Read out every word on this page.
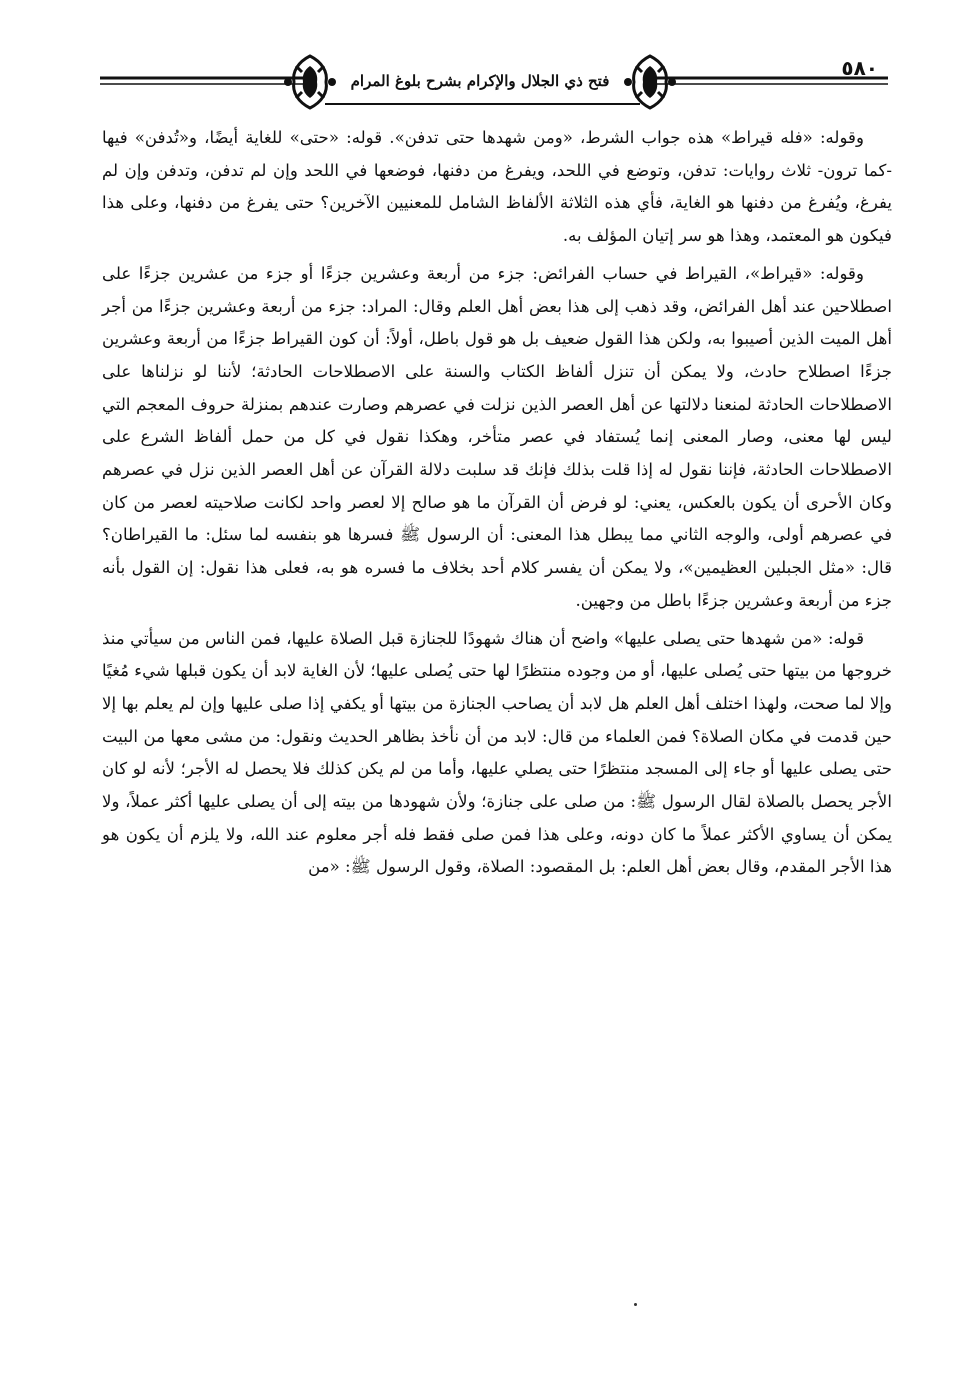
فتح ذي الجلال والإكرام بشرح بلوغ المرام
٥٨٠

وقوله: «فله قيراط» هذه جواب الشرط، «ومن شهدها حتى تدفن». قوله: «حتى» للغاية أيضًا، و«تُدفن» فيها -كما ترون- ثلاث روايات: تدفن، وتوضع في اللحد، ويفرغ من دفنها، فوضعها في اللحد وإن لم تدفن، وتدفن وإن لم يفرغ، ويُفرغ من دفنها هو الغاية، فأي هذه الثلاثة الألفاظ الشامل للمعنيين الآخرين؟ حتى يفرغ من دفنها، وعلى هذا فيكون هو المعتمد، وهذا هو سر إتيان المؤلف به.

وقوله: «قيراط»، القيراط في حساب الفرائض: جزء من أربعة وعشرين جزءًا أو جزء من عشرين جزءًا على اصطلاحين عند أهل الفرائض، وقد ذهب إلى هذا بعض أهل العلم وقال: المراد: جزء من أربعة وعشرين جزءًا من أجر أهل الميت الذين أصيبوا به، ولكن هذا القول ضعيف بل هو قول باطل، أولاً: أن كون القيراط جزءًا من أربعة وعشرين جزءًا اصطلاح حادث، ولا يمكن أن تنزل ألفاظ الكتاب والسنة على الاصطلاحات الحادثة؛ لأننا لو نزلناها على الاصطلاحات الحادثة لمنعنا دلالتها عن أهل العصر الذين نزلت في عصرهم وصارت عندهم بمنزلة حروف المعجم التي ليس لها معنى، وصار المعنى إنما يُستفاد في عصر متأخر، وهكذا نقول في كل من حمل ألفاظ الشرع على الاصطلاحات الحادثة، فإننا نقول له إذا قلت بذلك فإنك قد سلبت دلالة القرآن عن أهل العصر الذين نزل في عصرهم وكان الأحرى أن يكون بالعكس، يعني: لو فرض أن القرآن ما هو صالح إلا لعصر واحد لكانت صلاحيته لعصر من كان في عصرهم أولى، والوجه الثاني مما يبطل هذا المعنى: أن الرسول ﷺ فسرها هو بنفسه لما سئل: ما القيراطان؟ قال: «مثل الجبلين العظيمين»، ولا يمكن أن يفسر كلام أحد بخلاف ما فسره هو به، فعلى هذا نقول: إن القول بأنه جزء من أربعة وعشرين جزءًا باطل من وجهين.

قوله: «من شهدها حتى يصلى عليها» واضح أن هناك شهودًا للجنازة قبل الصلاة عليها، فمن الناس من سيأتي منذ خروجها من بيتها حتى يُصلى عليها، أو من وجوده منتظرًا لها حتى يُصلى عليها؛ لأن الغاية لابد أن يكون قبلها شيء مُغيًا وإلا لما صحت، ولهذا اختلف أهل العلم هل لابد أن يصاحب الجنازة من بيتها أو يكفي إذا صلى عليها وإن لم يعلم بها إلا حين قدمت في مكان الصلاة؟ فمن العلماء من قال: لابد من أن نأخذ بظاهر الحديث ونقول: من مشى معها من البيت حتى يصلى عليها أو جاء إلى المسجد منتظرًا حتى يصلي عليها، وأما من لم يكن كذلك فلا يحصل له الأجر؛ لأنه لو كان الأجر يحصل بالصلاة لقال الرسول ﷺ: من صلى على جنازة؛ ولأن شهودها من بيته إلى أن يصلى عليها أكثر عملاً، ولا يمكن أن يساوي الأكثر عملاً ما كان دونه، وعلى هذا فمن صلى فقط فله أجر معلوم عند الله، ولا يلزم أن يكون هو هذا الأجر المقدم، وقال بعض أهل العلم: بل المقصود: الصلاة، وقول الرسول ﷺ: «من
